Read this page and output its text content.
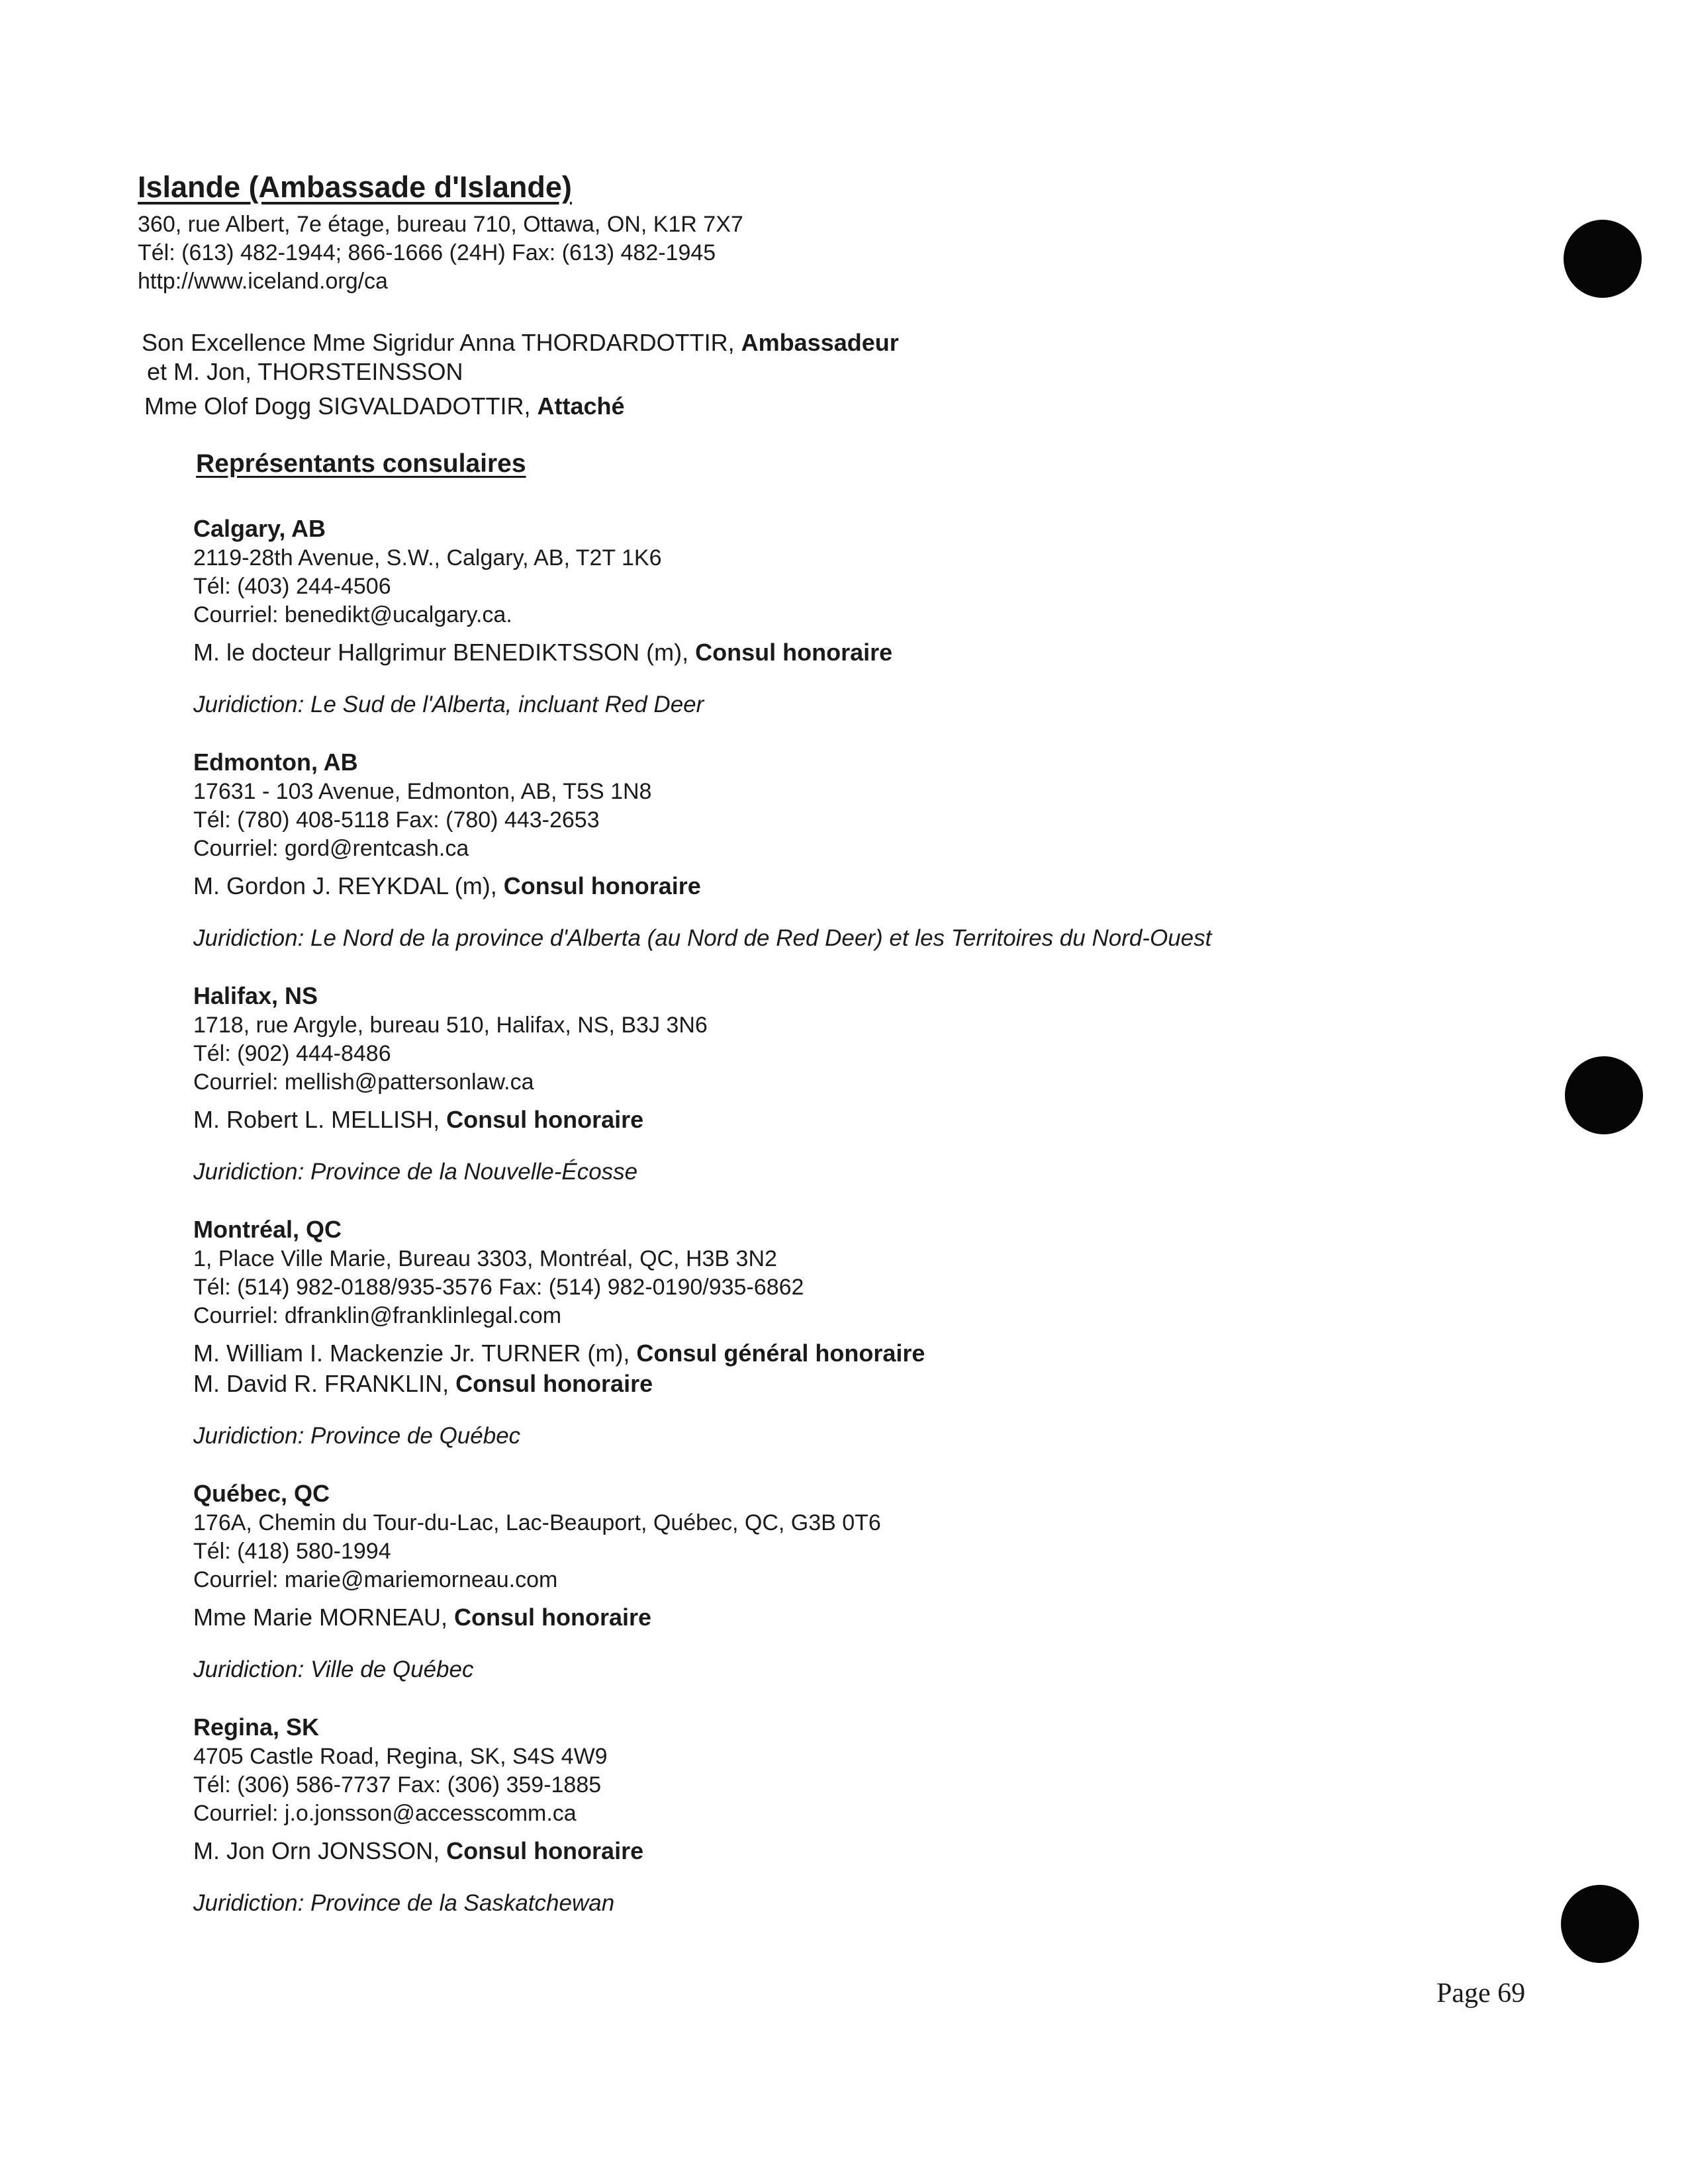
Islande (Ambassade d'Islande)

360, rue Albert, 7e étage, bureau 710, Ottawa, ON, K1R 7X7

Tél: (613) 482-1944; 866-1666 (24H) Fax: (613) 482-1945

http://www.iceland.org/ca

Son Excellence Mme Sigridur Anna THORDARDOTTIR, Ambassadeur

et M. Jon, THORSTEINSSON

Mme Olof Dogg SIGVALDADOTTIR, Attaché

Représentants consulaires

Calgary, AB

2119-28th Avenue, S.W., Calgary, AB, T2T 1K6

Tél: (403) 244-4506

Courriel: benedikt@ucalgary.ca.

M. le docteur Hallgrimur BENEDIKTSSON (m), Consul honoraire

Juridiction: Le Sud de l'Alberta, incluant Red Deer

Edmonton, AB

17631 - 103 Avenue, Edmonton, AB, T5S 1N8

Tél: (780) 408-5118 Fax: (780) 443-2653

Courriel: gord@rentcash.ca

M. Gordon J. REYKDAL (m), Consul honoraire

Juridiction: Le Nord de la province d'Alberta (au Nord de Red Deer) et les Territoires du Nord-Ouest

Halifax, NS

1718, rue Argyle, bureau 510, Halifax, NS, B3J 3N6

Tél: (902) 444-8486

Courriel: mellish@pattersonlaw.ca

M. Robert L. MELLISH, Consul honoraire

Juridiction: Province de la Nouvelle-Écosse

Montréal, QC

1, Place Ville Marie, Bureau 3303, Montréal, QC, H3B 3N2

Tél: (514) 982-0188/935-3576 Fax: (514) 982-0190/935-6862

Courriel: dfranklin@franklinlegal.com

M. William I. Mackenzie Jr. TURNER (m), Consul général honoraire

M. David R. FRANKLIN, Consul honoraire

Juridiction: Province de Québec

Québec, QC

176A, Chemin du Tour-du-Lac, Lac-Beauport, Québec, QC, G3B 0T6

Tél: (418) 580-1994

Courriel: marie@mariemorneau.com

Mme Marie MORNEAU, Consul honoraire

Juridiction: Ville de Québec

Regina, SK

4705 Castle Road, Regina, SK, S4S 4W9

Tél: (306) 586-7737 Fax: (306) 359-1885

Courriel: j.o.jonsson@accesscomm.ca

M. Jon Orn JONSSON, Consul honoraire

Juridiction: Province de la Saskatchewan

Page 69
